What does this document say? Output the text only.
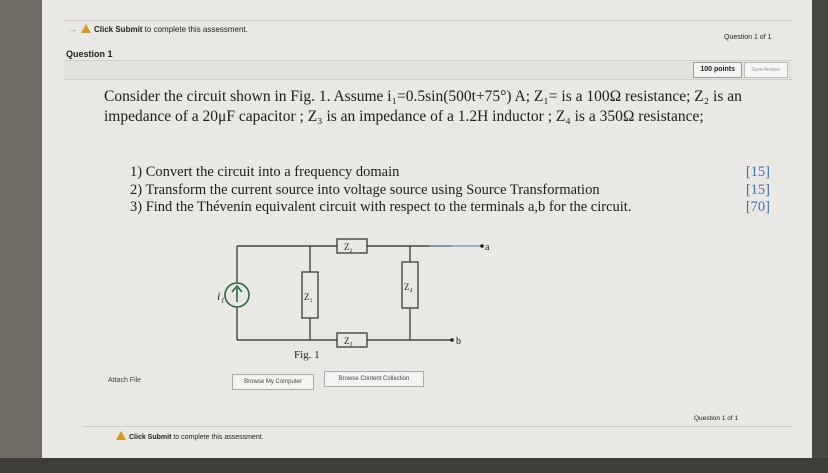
→ Click Submit to complete this assessment.
Question 1 of 1
Question 1
100 points	Save Answer
Consider the circuit shown in Fig. 1. Assume i₁=0.5sin(500t+75°) A; Z₁= is a 100Ω resistance; Z₂ is an impedance of a 20μF capacitor ; Z₃ is an impedance of a 1.2H inductor ; Z₄ is a 350Ω resistance;
1) Convert the circuit into a frequency domain	[15]
2) Transform the current source into voltage source using Source Transformation	[15]
3) Find the Thévenin equivalent circuit with respect to the terminals a,b for the circuit.	[70]
i₁	Z₁
Z₂
Z₃
Z₄
a
b
Fig. 1
Attach File	Browse My Computer	Browse Content Collection
Question 1 of 1
Click Submit to complete this assessment.
